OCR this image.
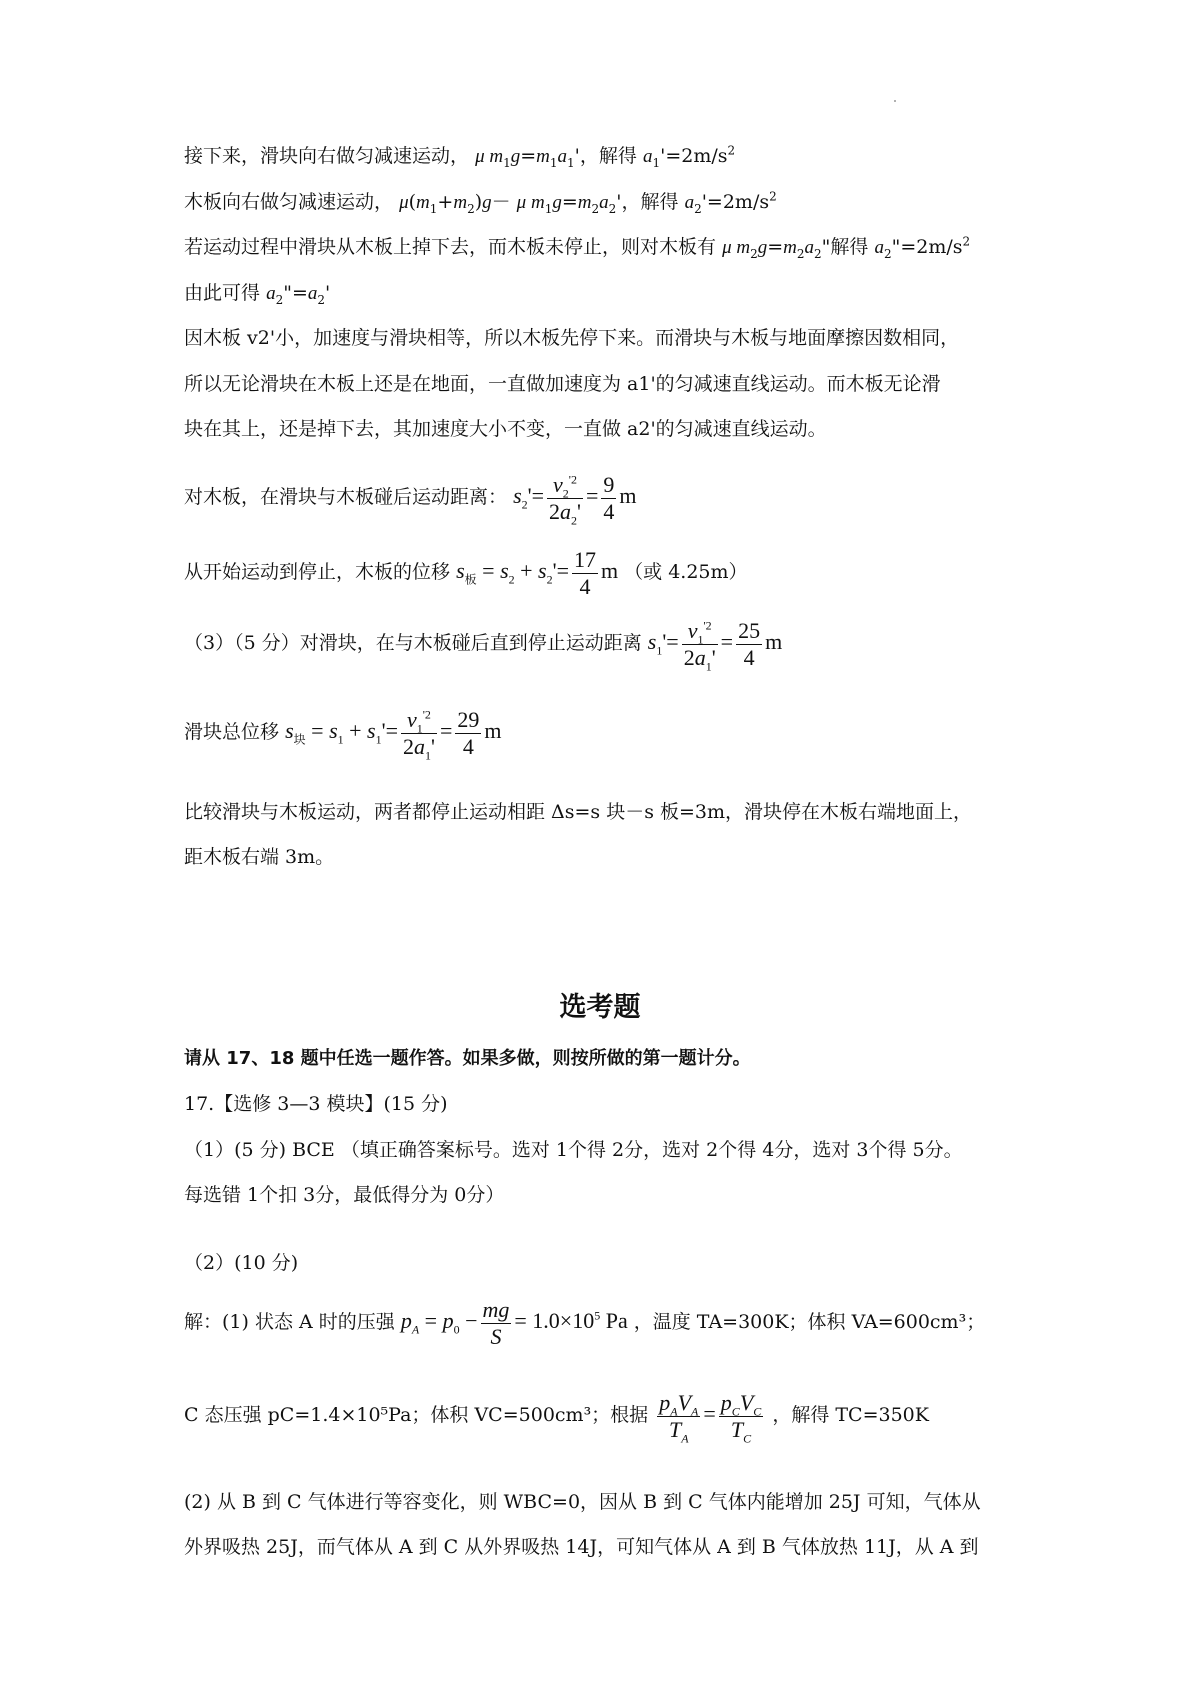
接下来，滑块向右做匀减速运动， μ $m_1g=m_1a_1'$，解得 $a_1'=2m/s^2$
木板向右做匀减速运动， $\mu(m_1+m_2)g- \mu$ $m_1g=m_2a_2'$，解得 $a_2'=2m/s^2$
若运动过程中滑块从木板上掉下去，而木板未停止，则对木板有 μ $m_2g=m_2a_2$"解得 $a_2"=2m/s^2$
由此可得 $a_2"=a_2'$
因木板 v2'小，加速度与滑块相等，所以木板先停下来。而滑块与木板与地面摩擦因数相同，
所以无论滑块在木板上还是在地面，一直做加速度为 a1'的匀减速直线运动。而木板无论滑
块在其上，还是掉下去，其加速度大小不变，一直做 a2'的匀减速直线运动。
对木板，在滑块与木板碰后运动距离： $s_2'= \frac{v_2^{'2}}{2a_2'} = \frac{9}{4}$ m
从开始运动到停止，木板的位移 $s_板 = s_2 + s_2'= \frac{17}{4}$ m （或 4.25m）
（3）（5 分）对滑块，在与木板碰后直到停止运动距离 $s_1'= \frac{v_1^{'2}}{2a_1'} = \frac{25}{4}$ m
滑块总位移 $s_块 = s_1 + s_1'= \frac{v_1^{'2}}{2a_1'} = \frac{29}{4}$ m
比较滑块与木板运动，两者都停止运动相距 Δs=s 块－s 板=3m，滑块停在木板右端地面上，
距木板右端 3m。
选考题
请从 17、18 题中任选一题作答。如果多做，则按所做的第一题计分。
17.【选修 3—3 模块】(15 分)
（1）(5 分) BCE （填正确答案标号。选对 1个得 2分，选对 2个得 4分，选对 3个得 5分。
每选错 1个扣 3分，最低得分为 0分）
（2）(10 分)
解：(1) 状态 A 时的压强 $p_A = p_0 - \frac{mg}{S} = 1.0\times 10^5$ Pa ，温度 TA=300K；体积 VA=600cm³；
C 态压强 pC=1.4×10⁵Pa；体积 VC=500cm³；根据 $\frac{p_AV_A}{T_A} = \frac{p_CV_C}{T_C}$ ，解得 TC=350K
(2) 从 B 到 C 气体进行等容变化，则 WBC=0，因从 B 到 C 气体内能增加 25J 可知，气体从
外界吸热 25J，而气体从 A 到 C 从外界吸热 14J，可知气体从 A 到 B 气体放热 11J，从 A 到
